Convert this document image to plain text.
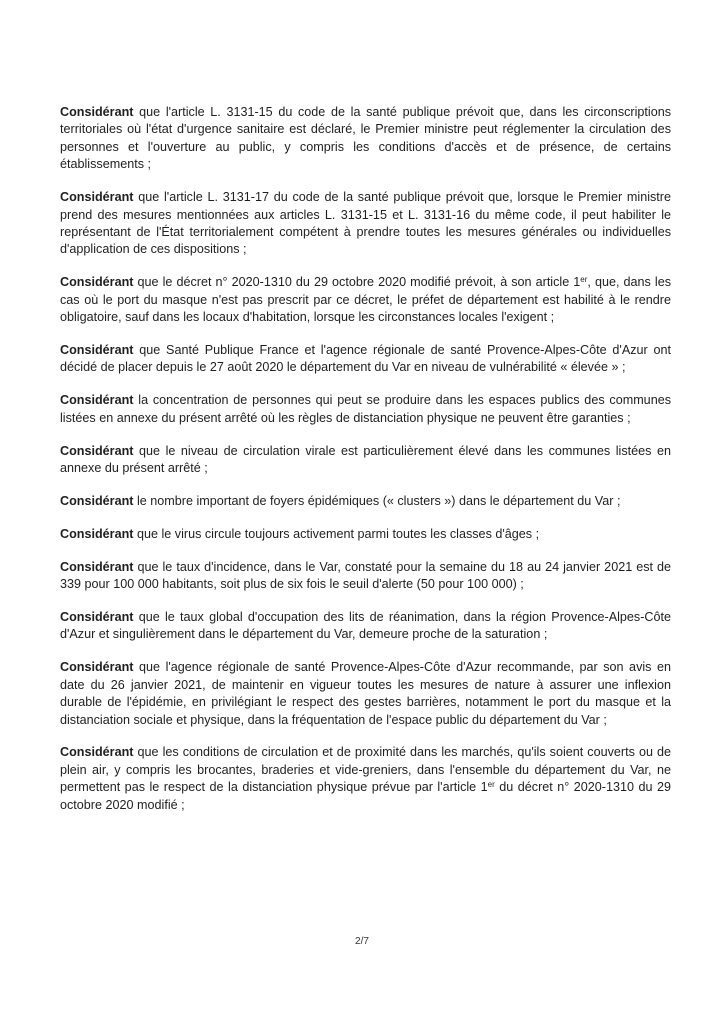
Considérant que l'article L. 3131-15 du code de la santé publique prévoit que, dans les circonscriptions territoriales où l'état d'urgence sanitaire est déclaré, le Premier ministre peut réglementer la circulation des personnes et l'ouverture au public, y compris les conditions d'accès et de présence, de certains établissements ;

Considérant que l'article L. 3131-17 du code de la santé publique prévoit que, lorsque le Premier ministre prend des mesures mentionnées aux articles L. 3131-15 et L. 3131-16 du même code, il peut habiliter le représentant de l'État territorialement compétent à prendre toutes les mesures générales ou individuelles d'application de ces dispositions ;

Considérant que le décret n° 2020-1310 du 29 octobre 2020 modifié prévoit, à son article 1er, que, dans les cas où le port du masque n'est pas prescrit par ce décret, le préfet de département est habilité à le rendre obligatoire, sauf dans les locaux d'habitation, lorsque les circonstances locales l'exigent ;

Considérant que Santé Publique France et l'agence régionale de santé Provence-Alpes-Côte d'Azur ont décidé de placer depuis le 27 août 2020 le département du Var en niveau de vulnérabilité « élevée » ;

Considérant la concentration de personnes qui peut se produire dans les espaces publics des communes listées en annexe du présent arrêté où les règles de distanciation physique ne peuvent être garanties ;

Considérant que le niveau de circulation virale est particulièrement élevé dans les communes listées en annexe du présent arrêté ;

Considérant le nombre important de foyers épidémiques (« clusters ») dans le département du Var ;

Considérant que le virus circule toujours activement parmi toutes les classes d'âges ;

Considérant que le taux d'incidence, dans le Var, constaté pour la semaine du 18 au 24 janvier 2021 est de 339 pour 100 000 habitants, soit plus de six fois le seuil d'alerte (50 pour 100 000) ;

Considérant que le taux global d'occupation des lits de réanimation, dans la région Provence-Alpes-Côte d'Azur et singulièrement dans le département du Var, demeure proche de la saturation ;

Considérant que l'agence régionale de santé Provence-Alpes-Côte d'Azur recommande, par son avis en date du 26 janvier 2021, de maintenir en vigueur toutes les mesures de nature à assurer une inflexion durable de l'épidémie, en privilégiant le respect des gestes barrières, notamment le port du masque et la distanciation sociale et physique, dans la fréquentation de l'espace public du département du Var ;

Considérant que les conditions de circulation et de proximité dans les marchés, qu'ils soient couverts ou de plein air, y compris les brocantes, braderies et vide-greniers, dans l'ensemble du département du Var, ne permettent pas le respect de la distanciation physique prévue par l'article 1er du décret n° 2020-1310 du 29 octobre 2020 modifié ;

2/7
